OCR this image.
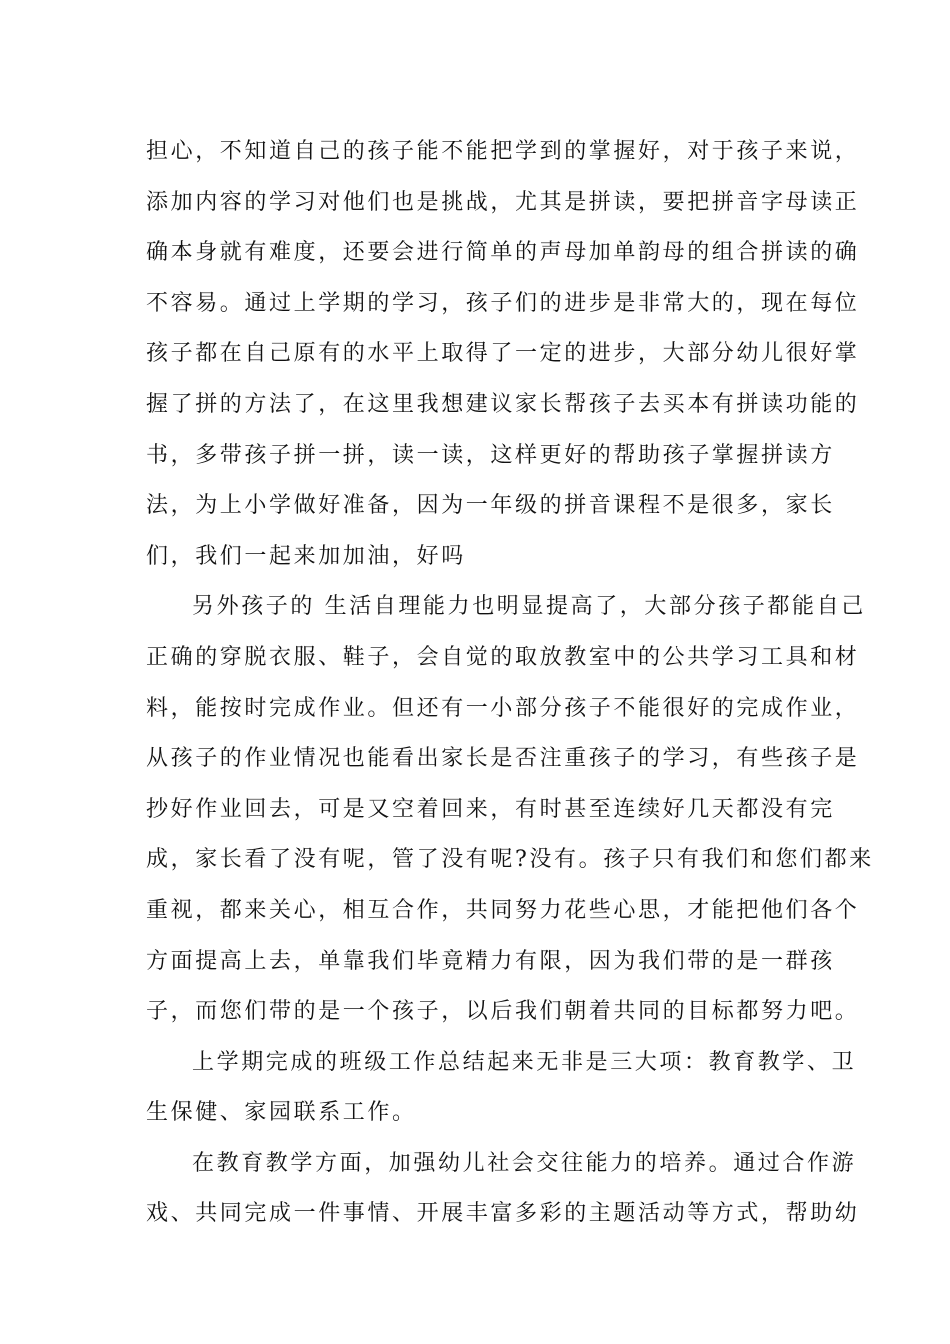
担心，不知道自己的孩子能不能把学到的掌握好，对于孩子来说，
添加内容的学习对他们也是挑战，尤其是拼读，要把拼音字母读正
确本身就有难度，还要会进行简单的声母加单韵母的组合拼读的确
不容易。通过上学期的学习，孩子们的进步是非常大的，现在每位
孩子都在自己原有的水平上取得了一定的进步，大部分幼儿很好掌
握了拼的方法了，在这里我想建议家长帮孩子去买本有拼读功能的
书，多带孩子拼一拼，读一读，这样更好的帮助孩子掌握拼读方
法，为上小学做好准备，因为一年级的拼音课程不是很多，家长
们，我们一起来加加油，好吗

另外孩子的 生活自理能力也明显提高了，大部分孩子都能自己
正确的穿脱衣服、鞋子，会自觉的取放教室中的公共学习工具和材
料，能按时完成作业。但还有一小部分孩子不能很好的完成作业，
从孩子的作业情况也能看出家长是否注重孩子的学习，有些孩子是
抄好作业回去，可是又空着回来，有时甚至连续好几天都没有完
成，家长看了没有呢，管了没有呢?没有。孩子只有我们和您们都来
重视，都来关心，相互合作，共同努力花些心思，才能把他们各个
方面提高上去，单靠我们毕竟精力有限，因为我们带的是一群孩
子，而您们带的是一个孩子，以后我们朝着共同的目标都努力吧。

上学期完成的班级工作总结起来无非是三大项：教育教学、卫
生保健、家园联系工作。

在教育教学方面，加强幼儿社会交往能力的培养。通过合作游
戏、共同完成一件事情、开展丰富多彩的主题活动等方式，帮助幼
